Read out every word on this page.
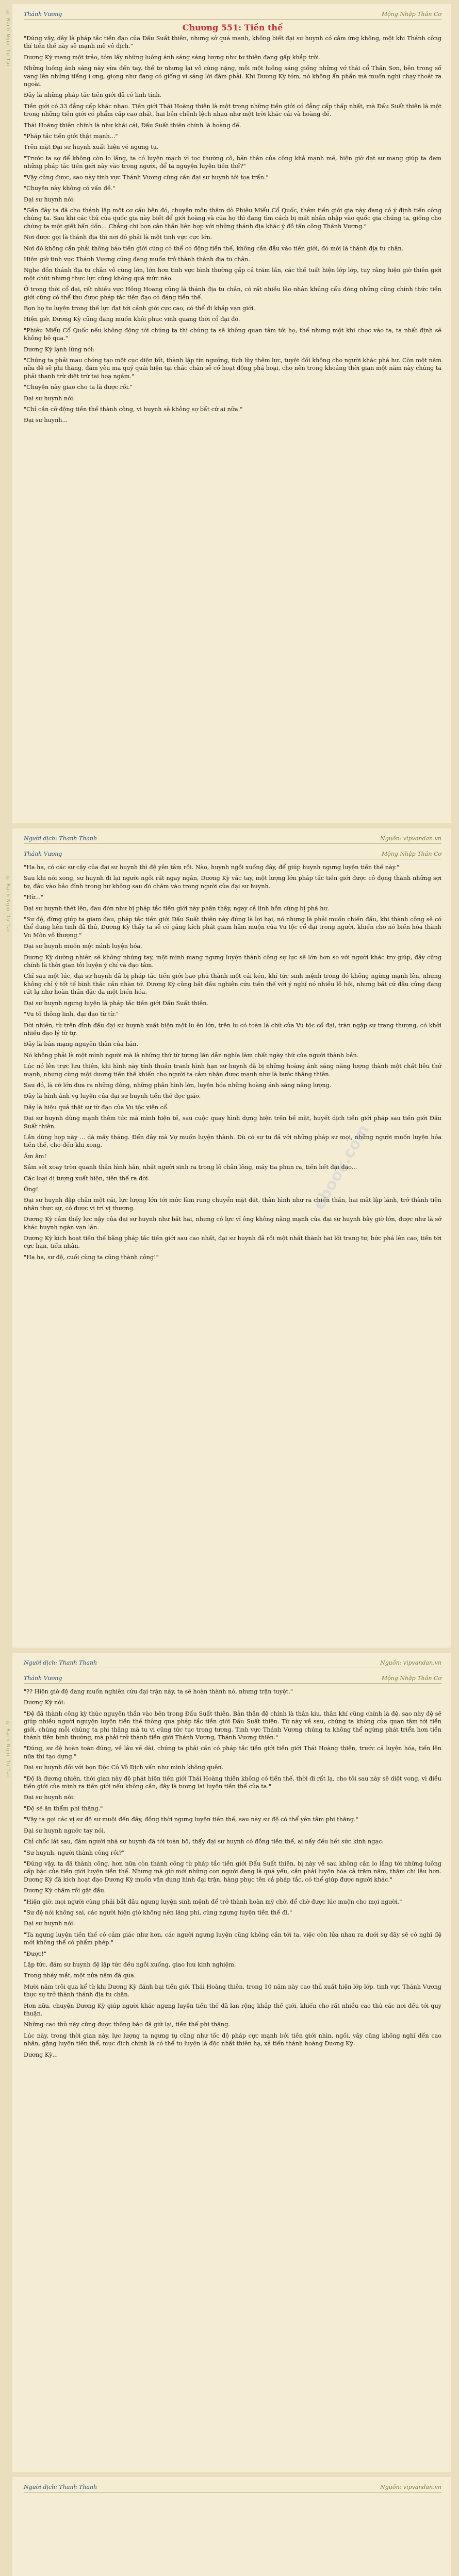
© Bạch Ngọc Tự Tại
© Bạch Ngọc Tự Tại
© Bạch Ngọc Tự Tại
Thánh Vương	Mộng Nhập Thần Cơ
Chương 551: Tiền thế

"Đúng vậy, dây là pháp tắc tiền đạo của Đấu Suất thiên, nhưng sở quá manh, không biết đại sư huynh có cảm ứng không, một khi Thánh công thí tiền thế này sẽ mạnh mẽ vô địch."

Dương Kỳ mang một trảo, tóm lấy những luồng ánh sáng sáng lượng như tơ thiên đang gấp khắp trời.

Những luồng ánh sáng này vừa đến tay, thế tơ nhưng lại vô cùng nặng, mỗi một luồng sáng giống những vớ thái cổ Thần Sơn, bên trong số vang lên những tiếng í ơng, giọng như đang có giống vì sáng lời đàm phải. Khi Dương Kỳ tóm, nó không ẩn phẩn mà muốn nghĩ chạy thoát ra ngoài.

Đây là những pháp tắc tiền giới đã có linh tính.

Tiền giới có 33 đẳng cấp khác nhau. Tiền giới Thái Hoàng thiên là một trong những tiền giới có đẳng cấp thấp nhất, mà Đấu Suất thiên là một trong những tiền giới có phẩm cấp cao nhất, hai bên chênh lệch nhau như một trời khác cái và hoàng đế.

Thái Hoàng thiên chính là như khái cái, Đấu Suất thiên chính là hoàng đế.

"Pháp tắc tiền giới thật mạnh..."

Trên mặt Đại sư huynh xuất hiện vẻ ngưng tụ.

"Trước ta sợ để không còn lo lắng, ta có luyện mạch vì tọc thường cô, bản thân của công khả mạnh mẽ, hiện giờ đạt sư mang giúp ta đem những pháp tắc tiền giới này vào trong người, để ta nguyện luyện tiền thế?"

"Vậy cũng được, sao này tinh vực Thánh Vương cũng cần đại sư huynh tới tọa trấn."

"Chuyện này không có vấn đề."

Đại sư huynh nói:

"Gần đây ta đã cho thánh lập một cơ cấu bên đó, chuyên môn thăm dò Phiêu Miểu Cổ Quốc, thêm tiền giới gia này đang có ý định tiến công chúng ta. Sau khi các thủ của quốc gia này biết để giới hoàng và của họ thì đang tìm cách bị mất nhân nhập vào quốc gia chúng ta, giống cho chúng ta một giết bấn dốn... Chẳng chi bọn cản thần liên hợp với những thánh địa khác ý đồ tấn công Thánh Vương."

Nơi được gọi là thánh địa thì nơi đó phải là một tinh vực cực lớn.

Nơi đó không cần phải thông báo tiền giới cũng có thể có động tiền thế, không cần đầu vào tiền giới, đó mới là thánh địa tu chân.

Hiện giờ tinh vực Thánh Vương cũng đang muốn trở thành thánh địa tu chân.

Nghe đồn thánh địa tu chân vô cùng lớn, lớn hơn tinh vực bình thường gấp cả trăm lần, các thế tuất hiện lớp lớp, tuy rằng hiện giờ thiên giới một chút nhưng thực lực cũng không quá mức nào.

Ở trong thời cổ đại, rất nhiều vực Hồng Hoang cũng là thánh địa tu chân, có rất nhiều lão nhân khủng cấu đóng những cũng chính thức tiền giới cũng có thể thu được pháp tắc tiền đạo có đáng tiền thế.

Bọn họ tu luyện trong thế lực đạt tới cảnh giới cực cao, có thể đi khắp vạn giới.

Hiện giờ, Dương Kỳ cũng đang muốn khôi phục vinh quang thời cổ đại đó.

"Phiêu Miểu Cổ Quốc nếu không động tới chúng ta thì chúng ta sẽ không quan tâm tới họ, thế nhưng một khi chọc vào ta, ta nhất định sẽ không bỏ qua."

Dương Kỳ lạnh lùng nói:

"Chúng ta phải mau chóng tạo một cục diện tốt, thành lập tín ngưỡng, tích lũy thêm lực, tuyệt đối không cho người khác phá hư. Còn một năm nữa đệ sẽ phi thăng, đám yêu ma quỷ quái hiện tại chắc chắn sẽ cố hoạt động phá hoại, cho nên trong khoảng thời gian một năm này chúng ta phải thanh trừ diệt trừ tai hoạ ngầm."

"Chuyện này giao cho ta là được rồi."

Đại sư huynh nói:

"Chỉ cần cỡ động tiền thế thành công, vi huynh sẽ không sợ bất cứ ai nữa."

Đại sư huynh...

Người dịch: Thanh Thanh	Nguồn: vipvandan.vn
Thánh Vương	Mộng Nhập Thần Cơ
ebook.com

"Ha ha, có các sư cậy của đại sư huynh thì đệ yên tâm rồi. Nào, huynh ngồi xuống đây, để giúp huynh ngưng luyện tiền thế này."

Sau khi nói xong, sư huynh đi lại người ngồi rất ngay ngắn, Dương Kỳ vắc tay, một lượng lớn pháp tắc tiền giới được cô đọng thành những sợi tơ, đâu vào bảo đỉnh trong hư không sau đó chăm vào trong người của đại sư huynh.

"Hừ..."

Đại sư huynh thét lên, đau đớn như bị pháp tắc tiền giới này phân thây, ngay cả linh hồn cũng bị phá hư.

"Sư đệ, đừng giúp ta giam đau, pháp tắc tiền giới Đấu Suất thiên này đúng là lợi hại, nó nhưng là phải muốn chiến đấu, khi thành công sẽ có thể dung liên tinh đã thủ, Dương Kỳ thấy ta sẽ có gắng kích phát giam hãm muộn của Vu tộc cổ đại trong người, khiến cho nó biến hóa thành Vu Môn vô thượng."

Đại sư huynh muốn một mình luyện hóa.

Dương Kỳ dường nhiên sẽ không nhúng tay, một mình mang ngưng luyện thành công sự lực sẽ lớn hơn so với người khác trợ giúp, đây cũng chính là thời gian tôi luyện ý chí và đạo tâm.

Chỉ sau một lúc, đại sư huynh đã bị pháp tắc tiền giới bao phủ thành một cái kén, khí tức sinh mệnh trong đó không ngừng mạnh lên, nhưng không chỉ ý tốt tế bình thắc cần nhàn tớ. Dương Kỳ cũng bắt đầu nghiên cứu tiền thế với ý nghĩ nó nhiều lỗ hỏi, nhưng bất cứ đâu cũng đang rất lạ như hoàn thần đặc đa một biến hóa.

Đại sư huynh ngưng luyện là pháp tắc tiền giới Đấu Suất thiên.

"Vu tố thông linh, đại đạo từ từ."

Đời nhiên, từ trên đỉnh đầu đại sư huynh xuất hiện một lu ên lớn, trên lu có toàn là chữ của Vu tộc cổ đại, tràn ngập sự trang thượng, có khởi nhiều đạo lý từ tự.

Đây là bản mạng nguyên thân của hắn.

Nó không phải là một mình người mà là những thứ từ tượng lăn dẫn nghĩa làm chất ngày thứ của người thành bản.

Lúc nó lên trực lưu thiên, khi hình này tính thuần tranh hình hạn sư huynh đã bị những hoàng ánh sáng năng lượng thành một chất liêu thứ mạnh, nhưng cùng một dương tiền thế khiến cho người ta cảm nhận được mạnh như là bước thăng thiên.

Sau đó, là cờ lớn đưa ra những đông, những phân hình lớn, luyện hóa những hoàng ánh sáng năng lượng.

Đây là hình ảnh vụ luyện của đại sư huynh tiền thế đọc giáo.

Đây là hiệu quả thật sự từ đạo của Vu tộc viên cổ.

Đại sư huynh dùng mạnh thêm tức mà mình hiện tế, sau cuộc quay hình dựng hiện trên bề mặt, huyết dịch tiền giới pháp sau tiền giới Đấu Suất thiên.

Lần dùng họp này ... dà mấy tháng. Đến đây mà Vợ muốn luyện thành. Dù có sự tu đả với những pháp sư mọi, những người muốn luyện hóa tiền thế, cho đến khi xong.

Âm âm!

Sâm sét xoay tròn quanh thân hình hắn, nhất người sinh ra trong lỗ chân lông, máy tia phun ra, tiến hết đại đạo...

Các loại dị tượng xuất hiện, tiên thế ra đời.

Ông!

Đại sư huynh đập chân một cái, lực lượng lớn tới mức làm rung chuyển mặt đất, thân hình như ra chiến thần, hai mắt lập lánh, trở thành tiên nhân thực sự, có được vị trí vị thượng.

Dương Kỳ cảm thấy lực nậy của đại sư huynh như bất hai, nhưng có lực vỉ ông không nằng mạnh của đại sư huynh bây giờ lớn, được như là sở khác huynh ngàn vạn lần.

Dương Kỳ kích hoạt tiền thế bằng pháp tắc tiền giới sau cao nhất, đại sư huynh đã rồi một nhất thành hai lối trang tư, bức phá lên cao, tiến tới cực hạn, tiến nhân.

"Ha ha, sư đệ, cuối cùng ta cũng thành công!"

Người dịch: Thanh Thanh	Nguồn: vipvandan.vn
Thánh Vương	Mộng Nhập Thần Cơ

"?? Hiện giờ đệ đang muốn nghiên cứu đại trận này, ta sẽ hoàn thành nó, nhưng trận tuyệt."

Dương Kỳ nói:

"Đệ đã thành công kỳ thúc nguyên thần vào bên trong Đấu Suất thiên. Bản thân đệ chính là thân kiu, thân khí cũng chính là đệ, sao này đệ sẽ giúp nhiều người nguyện luyện tiền thế thông qua pháp tắc tiền giới Đấu Suất thiên. Từ này về sau, chúng ta không của quan tâm tới tiền giới, chúng mỗi chúng ta phi thăng mà tu vi cũng tức tục trong tương. Tinh vực Thánh Vương chúng ta không thể ngừng phát triển hơn tiền thánh tiên bình thường, mà phải trở thành tiền giới Thánh Vương, Thánh Vương thiên."

"Đúng, sư đệ hoàn toàn đúng, về lâu về dài, chúng ta phải cần có pháp tắc tiền giới tiền giới Thái Hoàng thiên, trước cả luyện hóa, tiến lên nữa thì tạo dựng."

Đại sư huynh đồi với bọn Độc Cô Vô Địch vấn như mình không quên.

"Độ là đương nhiên, thời gian này đệ phát hiện tiền giới Thái Hoàng thiên không có tiền thế, thời đi rất lạ, cho tôi sau này sẽ diệt vong, vì điều tiền giới của mình ra tiền giới nếu không cần, đây là tương lai luyện tiền thế của ta."

Đại sư huynh nói:

"Đệ sẽ ăn thẩm phi thăng."

"Vậy ta gọi các vị sư đệ sư muội đến đây, đồng thời ngưng luyện tiền thế, sau này sư đệ có thể yên tâm phi thăng."

Đại sư huynh ngước tay nói.

Chỉ chốc lát sau, đám người nhà sư huynh đã tới toàn bộ, thấy đại sư huynh có đồng tiền thế, ai nấy đều hết sức kinh ngạc:

"Sư huynh, người thành công rồi?"

"Đúng vậy, ta đã thành công, hơn nữa còn thành công từ pháp tắc tiền giới Đấu Suất thiên, bị này về sau không cần lo lắng tới những luồng cấp bậc của tiền giới luyện tiền thế. Nhưng mà giờ mới những con người đang là quá yếu, cần phải luyện hóa cả trăm năm, thậm chí lâu hơn. Dương Kỳ đã kích hoạt đạo Dương Kỳ muốn vận dụng hình đại trận, hàng phục tên cả pháp tắc, có thể giúp được người khác."

Dương Kỳ chăm rồi gật đầu.

"Hiện giờ, mọi người cùng phải bắt đầu ngưng luyện sinh mệnh để trở thành hoàn mỹ chờ, để chờ được lúc muộn cho mọi người."

"Sư đệ nói không sai, các người hiện giờ không nên lãng phí, cùng ngưng luyện tiền thế đi."

Đại sư huynh nói:

"Ta ngưng luyện tiền thế có cảm giác như hơn, các người ngưng luyện cũng không cần tới ta, việc còn lửa nhau ra dưới sự đây sẽ có nghĩ đệ mới không thể có phẩm phép."

"Được!"

Lập tức, đám sư huynh đệ lập tức đều ngồi xuống, giao lưu kinh nghiệm.

Trong nháy mắt, một nửa năm đã qua.

Mười năm trôi qua kể từ khi Dương Kỳ đánh bại tiền giới Thái Hoàng thiên, trong 10 năm này cao thủ xuất hiện lớp lớp, tinh vực Thánh Vương thực sự trở thành thánh địa tu chân.

Hơn nữa, chuyện Dương Kỳ giúp người khác ngưng luyện tiền thế đã lan rộng khắp thế giới, khiến cho rất nhiều cao thủ các nơi đều tới quy thuận.

Những cao thủ này cũng được thông báo đã giữ lại, tiền thế phi thăng.

Lúc này, trong thời gian này, lực lượng ta ngưng tụ cũng như tốc độ pháp cực mạnh bởi tiền giới nhìn, ngồi, vây cũng không nghĩ đến cao nhân, gặng luyện tiến thể, mục đích chính là có thể tu luyện là độc nhất thiên hạ, xả tiến thành hoàng Dương Kỳ.

Dương Kỳ...

Người dịch: Thanh Thanh	Nguồn: vipvandan.vn
